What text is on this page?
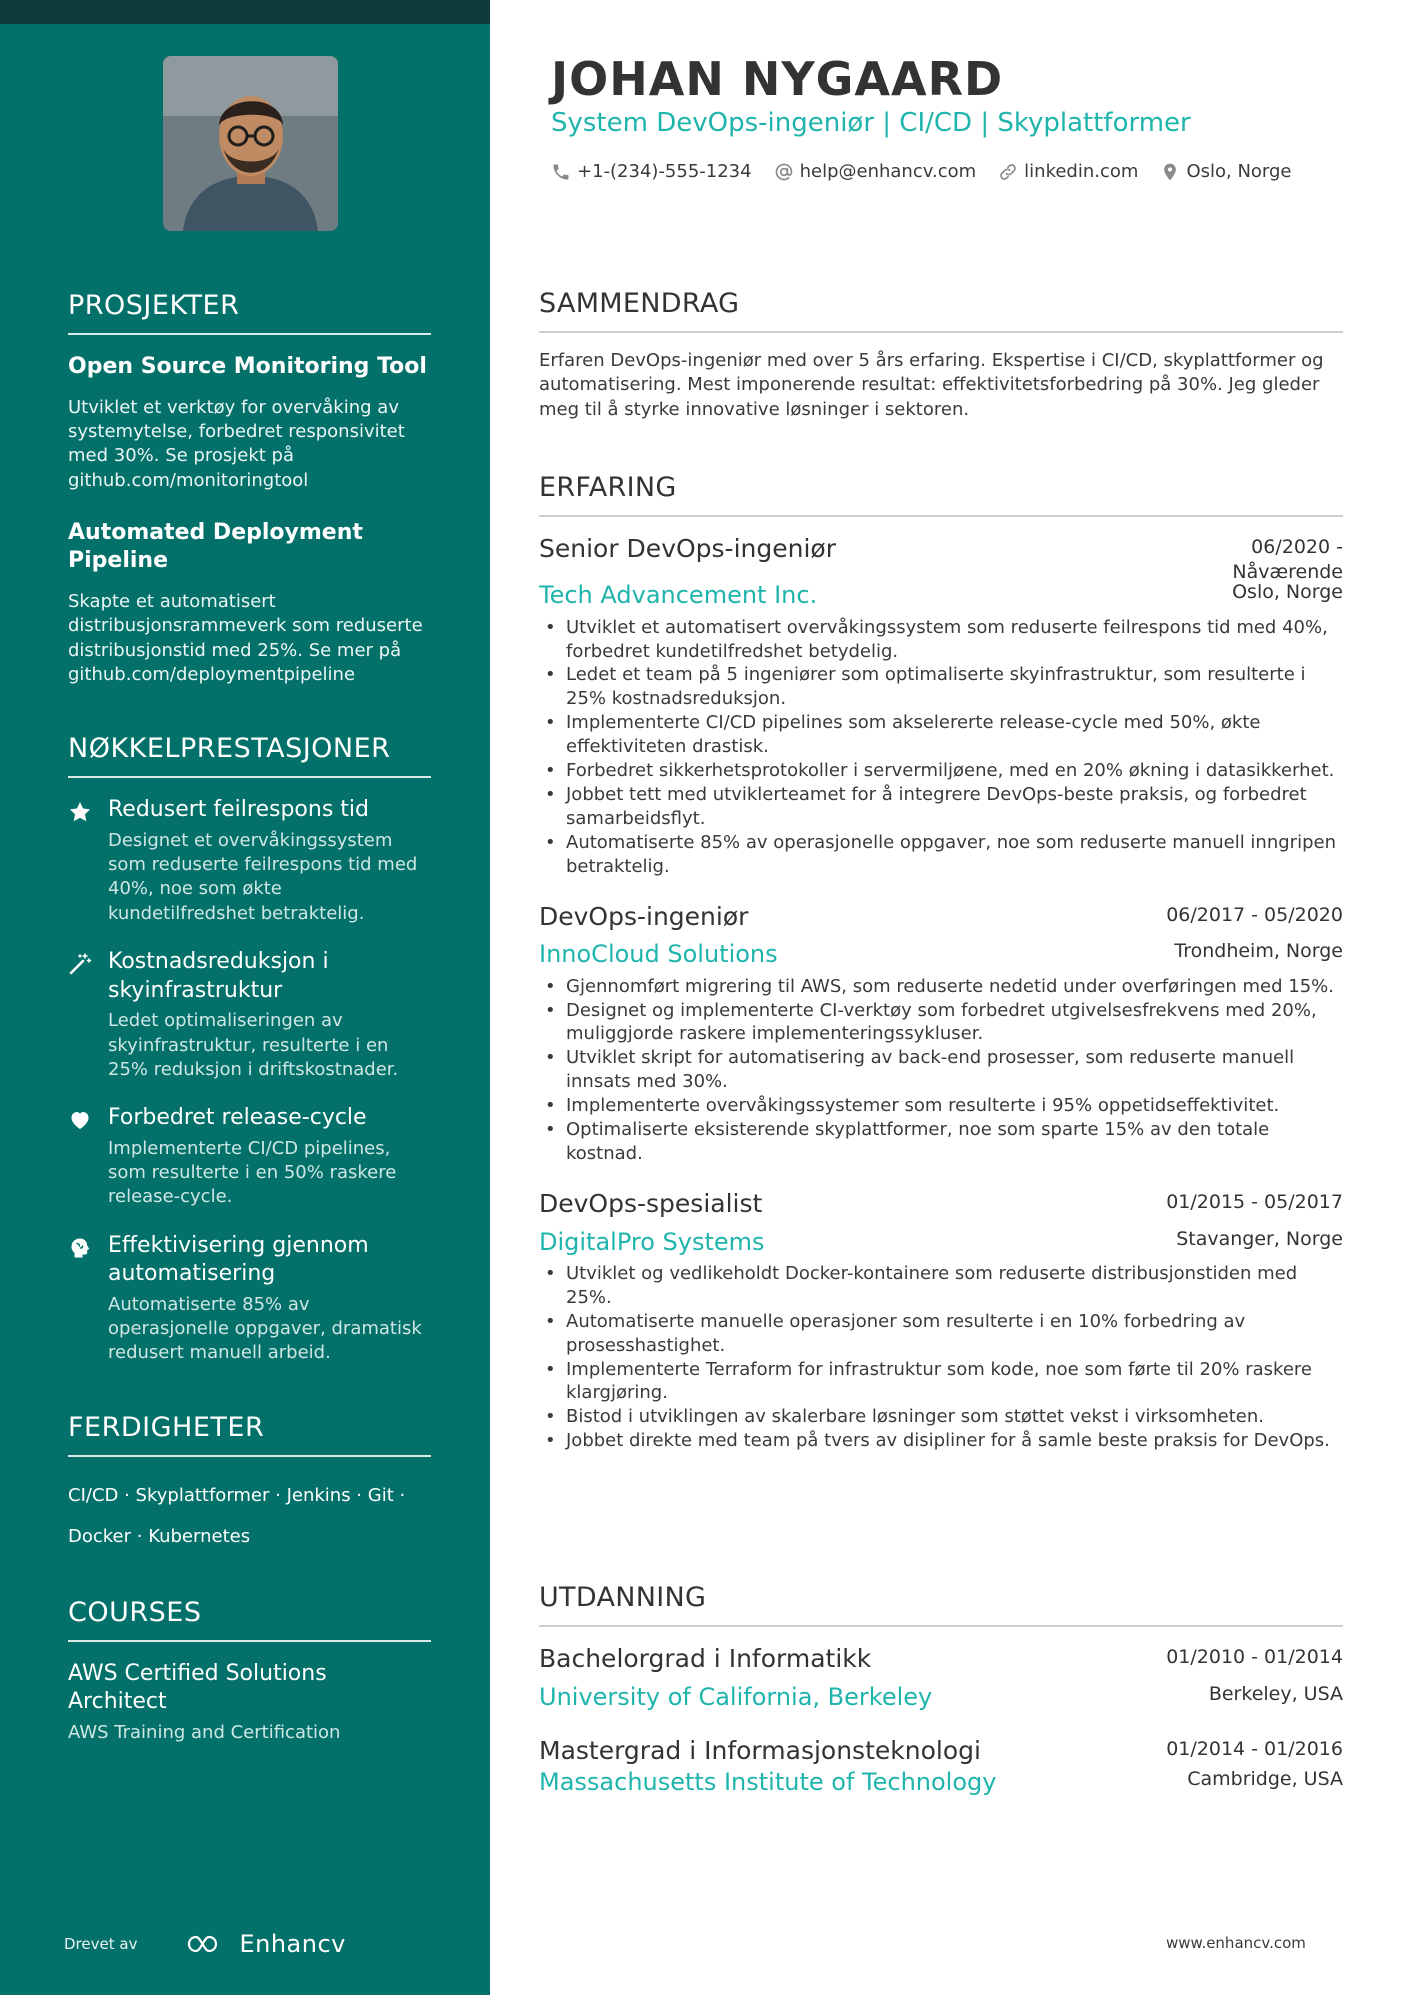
PROSJEKTER
Open Source Monitoring Tool
Utviklet et verktøy for overvåking av systemytelse, forbedret responsivitet med 30%. Se prosjekt på github.com/monitoringtool
Automated Deployment Pipeline
Skapte et automatisert distribusjonsrammeverk som reduserte distribusjonstid med 25%. Se mer på github.com/deploymentpipeline
NØKKELPRESTASJONER
Redusert feilrespons tid
Designet et overvåkingssystem som reduserte feilrespons tid med 40%, noe som økte kundetilfredshet betraktelig.
Kostnadsreduksjon i skyinfrastruktur
Ledet optimaliseringen av skyinfrastruktur, resulterte i en 25% reduksjon i driftskostnader.
Forbedret release-cycle
Implementerte CI/CD pipelines, som resulterte i en 50% raskere release-cycle.
Effektivisering gjennom automatisering
Automatiserte 85% av operasjonelle oppgaver, dramatisk redusert manuell arbeid.
FERDIGHETER
CI/CD · Skyplattformer · Jenkins · Git ·
Docker · Kubernetes
COURSES
AWS Certified Solutions Architect
AWS Training and Certification
Drevet av	Enhancv
JOHAN NYGAARD
System DevOps-ingeniør | CI/CD | Skyplattformer
+1-(234)-555-1234	help@enhancv.com	linkedin.com	Oslo, Norge
SAMMENDRAG

Erfaren DevOps-ingeniør med over 5 års erfaring. Ekspertise i CI/CD, skyplattformer og automatisering. Mest imponerende resultat: effektivitetsforbedring på 30%. Jeg gleder meg til å styrke innovative løsninger i sektoren.

ERFARING
Senior DevOps-ingeniør	06/2020 -
Nåværende
Tech Advancement Inc.	Oslo, Norge
• Utviklet et automatisert overvåkingssystem som reduserte feilrespons tid med 40%, forbedret kundetilfredshet betydelig.
• Ledet et team på 5 ingeniører som optimaliserte skyinfrastruktur, som resulterte i 25% kostnadsreduksjon.
• Implementerte CI/CD pipelines som akselererte release-cycle med 50%, økte effektiviteten drastisk.
• Forbedret sikkerhetsprotokoller i servermiljøene, med en 20% økning i datasikkerhet.
• Jobbet tett med utviklerteamet for å integrere DevOps-beste praksis, og forbedret samarbeidsflyt.
• Automatiserte 85% av operasjonelle oppgaver, noe som reduserte manuell inngripen betraktelig.
DevOps-ingeniør	06/2017 - 05/2020
InnoCloud Solutions	Trondheim, Norge
• Gjennomført migrering til AWS, som reduserte nedetid under overføringen med 15%.
• Designet og implementerte CI-verktøy som forbedret utgivelsesfrekvens med 20%, muliggjorde raskere implementeringssykluser.
• Utviklet skript for automatisering av back-end prosesser, som reduserte manuell innsats med 30%.
• Implementerte overvåkingssystemer som resulterte i 95% oppetidseffektivitet.
• Optimaliserte eksisterende skyplattformer, noe som sparte 15% av den totale kostnad.
DevOps-spesialist	01/2015 - 05/2017
DigitalPro Systems	Stavanger, Norge
• Utviklet og vedlikeholdt Docker-kontainere som reduserte distribusjonstiden med 25%.
• Automatiserte manuelle operasjoner som resulterte i en 10% forbedring av prosesshastighet.
• Implementerte Terraform for infrastruktur som kode, noe som førte til 20% raskere klargjøring.
• Bistod i utviklingen av skalerbare løsninger som støttet vekst i virksomheten.
• Jobbet direkte med team på tvers av disipliner for å samle beste praksis for DevOps.
UTDANNING
Bachelorgrad i Informatikk	01/2010 - 01/2014
University of California, Berkeley	Berkeley, USA
Mastergrad i Informasjonsteknologi	01/2014 - 01/2016
Massachusetts Institute of Technology	Cambridge, USA
www.enhancv.com
